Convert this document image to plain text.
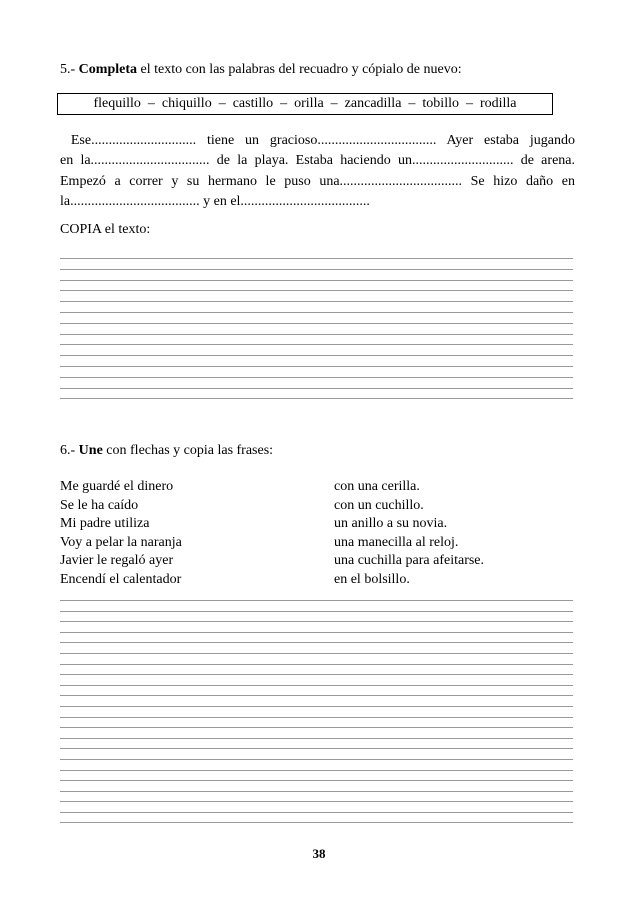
5.- Completa el texto con las palabras del recuadro y cópialo de nuevo:
flequillo  –  chiquillo  –  castillo  –  orilla  –  zancadilla  –  tobillo  –  rodilla
Ese.............................. tiene un gracioso.................................. Ayer estaba jugando
en la.................................. de la playa. Estaba haciendo un............................. de arena.
Empezó a correr y su hermano le puso una................................... Se hizo daño en
la..................................... y en el.....................................
COPIA el texto:
6.- Une con flechas y copia las frases:
Me guardé el dinero
Se le ha caído
Mi padre utiliza
Voy a pelar la naranja
Javier le regaló ayer
Encendí el calentador
con una cerilla.
con un cuchillo.
un anillo a su novia.
una manecilla al reloj.
una cuchilla para afeitarse.
en el bolsillo.
38
